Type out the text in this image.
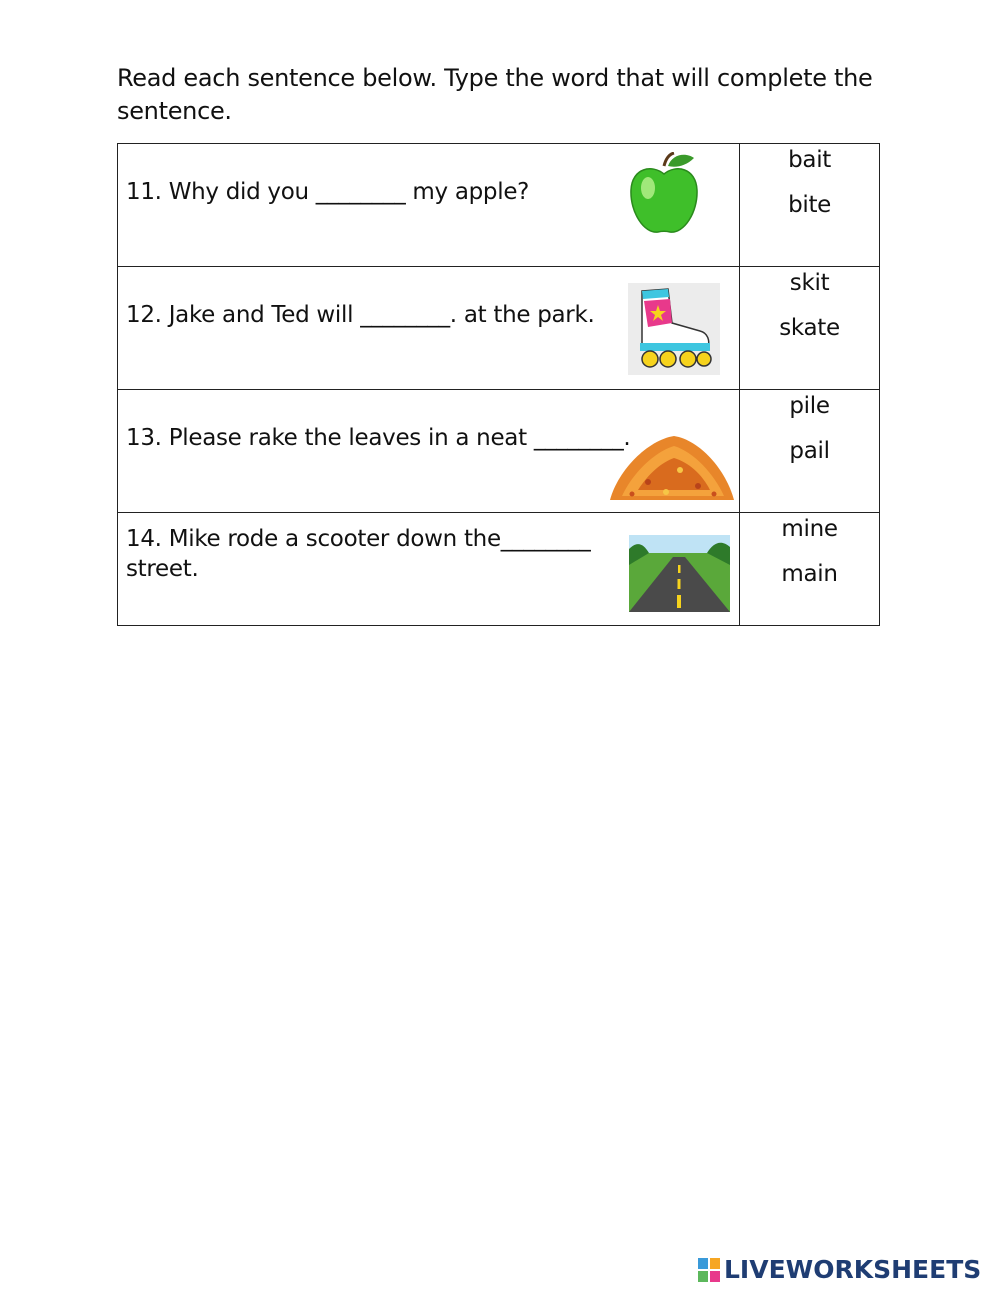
Read each sentence below. Type the word that will complete the sentence.
11. Why did you ________ my apple?	bait
bite

12. Jake and Ted will ________. at the park.	skit
skate

13. Please rake the leaves in a neat ________.	pile
pail

14. Mike rode a scooter down the________ street.	mine
main
LIVEWORKSHEETS
